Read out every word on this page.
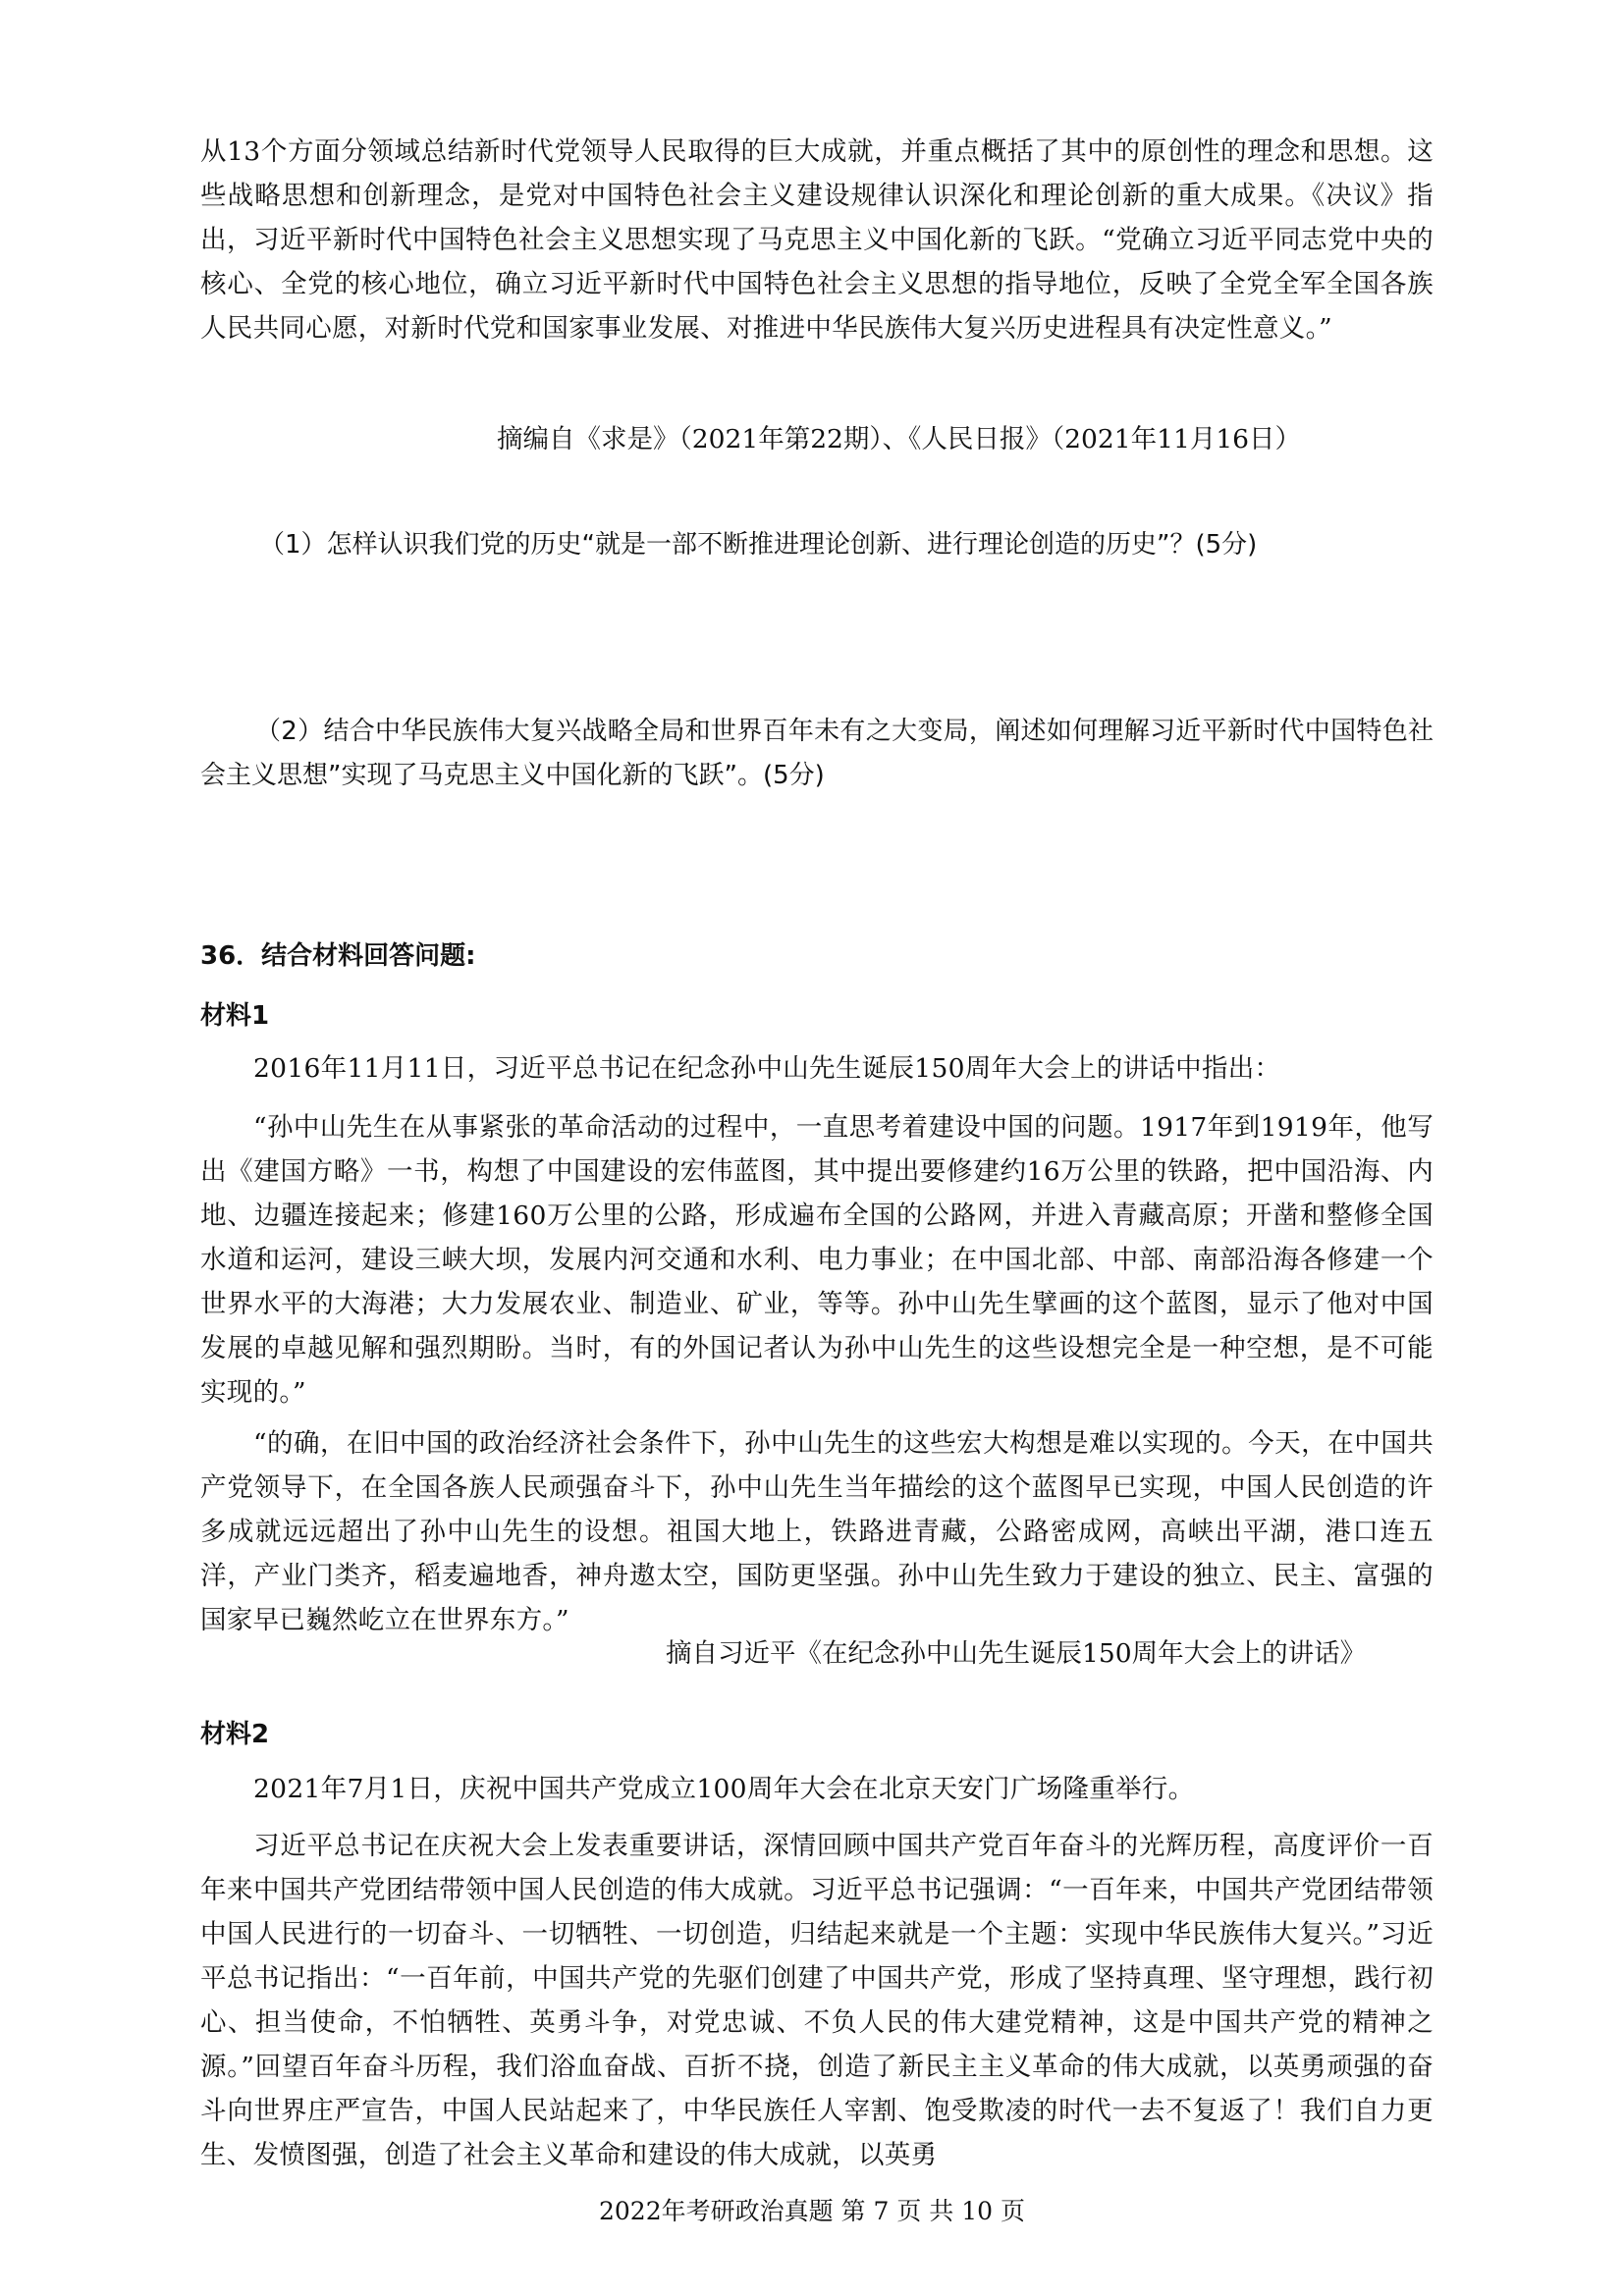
从13个方面分领域总结新时代党领导人民取得的巨大成就，并重点概括了其中的原创性的理念和思想。这些战略思想和创新理念，是党对中国特色社会主义建设规律认识深化和理论创新的重大成果。《决议》指出，习近平新时代中国特色社会主义思想实现了马克思主义中国化新的飞跃。“党确立习近平同志党中央的核心、全党的核心地位，确立习近平新时代中国特色社会主义思想的指导地位，反映了全党全军全国各族人民共同心愿，对新时代党和国家事业发展、对推进中华民族伟大复兴历史进程具有决定性意义。”

摘编自《求是》（2021年第22期）、《人民日报》（2021年11月16日）

（1）怎样认识我们党的历史“就是一部不断推进理论创新、进行理论创造的历史”？(5分)

（2）结合中华民族伟大复兴战略全局和世界百年未有之大变局，阐述如何理解习近平新时代中国特色社会主义思想”实现了马克思主义中国化新的飞跃”。(5分)

36．结合材料回答问题:

材料1

2016年11月11日，习近平总书记在纪念孙中山先生诞辰150周年大会上的讲话中指出：

“孙中山先生在从事紧张的革命活动的过程中，一直思考着建设中国的问题。1917年到1919年，他写出《建国方略》一书，构想了中国建设的宏伟蓝图，其中提出要修建约16万公里的铁路，把中国沿海、内地、边疆连接起来；修建160万公里的公路，形成遍布全国的公路网，并进入青藏高原；开凿和整修全国水道和运河，建设三峡大坝，发展内河交通和水利、电力事业；在中国北部、中部、南部沿海各修建一个世界水平的大海港；大力发展农业、制造业、矿业，等等。孙中山先生擘画的这个蓝图，显示了他对中国发展的卓越见解和强烈期盼。当时，有的外国记者认为孙中山先生的这些设想完全是一种空想，是不可能实现的。”

“的确，在旧中国的政治经济社会条件下，孙中山先生的这些宏大构想是难以实现的。今天，在中国共产党领导下，在全国各族人民顽强奋斗下，孙中山先生当年描绘的这个蓝图早已实现，中国人民创造的许多成就远远超出了孙中山先生的设想。祖国大地上，铁路进青藏，公路密成网，高峡出平湖，港口连五洋，产业门类齐，稻麦遍地香，神舟遨太空，国防更坚强。孙中山先生致力于建设的独立、民主、富强的国家早已巍然屹立在世界东方。”

摘自习近平《在纪念孙中山先生诞辰150周年大会上的讲话》

材料2

2021年7月1日，庆祝中国共产党成立100周年大会在北京天安门广场隆重举行。

习近平总书记在庆祝大会上发表重要讲话，深情回顾中国共产党百年奋斗的光辉历程，高度评价一百年来中国共产党团结带领中国人民创造的伟大成就。习近平总书记强调：“一百年来，中国共产党团结带领中国人民进行的一切奋斗、一切牺牲、一切创造，归结起来就是一个主题：实现中华民族伟大复兴。”习近平总书记指出：“一百年前，中国共产党的先驱们创建了中国共产党，形成了坚持真理、坚守理想，践行初心、担当使命，不怕牺牲、英勇斗争，对党忠诚、不负人民的伟大建党精神，这是中国共产党的精神之源。”回望百年奋斗历程，我们浴血奋战、百折不挠，创造了新民主主义革命的伟大成就，以英勇顽强的奋斗向世界庄严宣告，中国人民站起来了，中华民族任人宰割、饱受欺凌的时代一去不复返了！我们自力更生、发愤图强，创造了社会主义革命和建设的伟大成就，以英勇

2022年考研政治真题 第 7 页 共 10 页
